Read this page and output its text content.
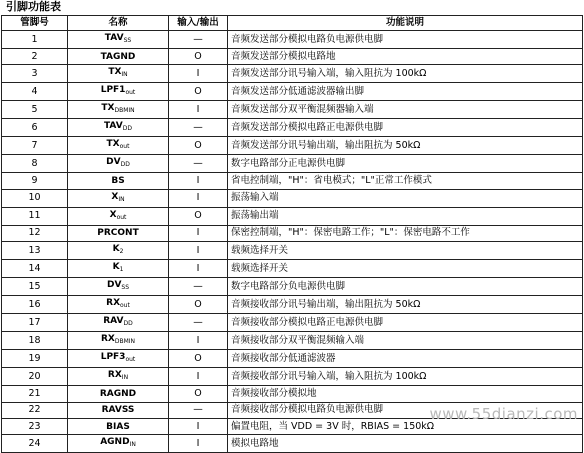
引脚功能表
管脚号	名称	输入/输出	功能说明
1	$TAV_{SS}$	—	音频发送部分模拟电路负电源供电脚
2	TAGND	O	音频发送部分模拟电路地
3	$TX_{IN}$	I	音频发送部分讯号输入端，输入阻抗为 100kΩ
4	$LPF1_{out}$	O	音频发送部分低通滤波器输出脚
5	$TX_{DBMIN}$	I	音频发送部分双平衡混频器输入端
6	$TAV_{DD}$	—	音频发送部分模拟电路正电源供电脚
7	$TX_{out}$	O	音频发送部分讯号输出端，输出阻抗为 50kΩ
8	$DV_{DD}$	—	数字电路部分正电源供电脚
9	BS	I	省电控制端，"H"：省电模式；"L"正常工作模式
10	$X_{IN}$	I	振荡输入端
11	$X_{out}$	O	振荡输出端
12	PRCONT	I	保密控制端，"H"：保密电路工作；"L"：保密电路不工作
13	$K_2$	I	载频选择开关
14	$K_1$	I	载频选择开关
15	$DV_{SS}$	—	数字电路部分负电源供电脚
16	$RX_{out}$	O	音频接收部分讯号输出端，输出阻抗为 50kΩ
17	$RAV_{DD}$	—	音频接收部分模拟电路正电源供电脚
18	$RX_{DBMIN}$	I	音频接收部分双平衡混频输入端
19	$LPF3_{out}$	O	音频接收部分低通滤波器
20	$RX_{IN}$	I	音频接收部分讯号输入端，输入阻抗为 100kΩ
21	RAGND	O	音频接收部分模拟地
22	RAVSS	—	音频接收部分模拟电路负电源供电脚
23	BIAS	I	偏置电阻，当 VDD = 3V 时，RBIAS = 150kΩ
24	$AGND_{IN}$	I	模拟电路地
www.55dianzi.com
